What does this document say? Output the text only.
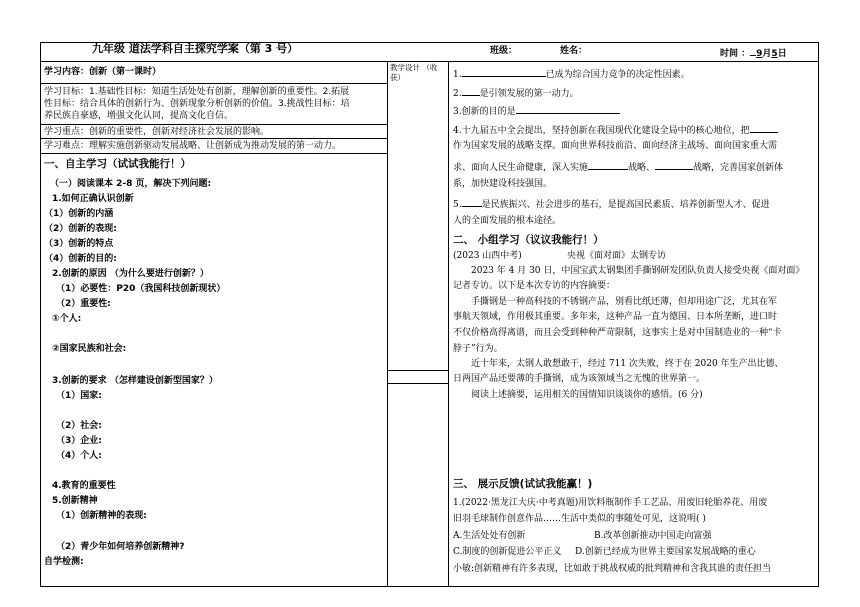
九年级 道法学科自主探究学案（第 3 号）	班级：	姓名：	时间 ： 9月5日
学习内容：创新（第一课时）
学习目标：1.基础性目标：知道生活处处有创新，理解创新的重要性。2.拓展
性目标：结合具体的创新行为、创新现象分析创新的价值。3.挑战性目标：培
养民族自豪感，增强文化认同，提高文化自信。
学习重点：创新的重要性，创新对经济社会发展的影响。
学习难点：理解实施创新驱动发展战略、让创新成为推动发展的第一动力。
一、自主学习（试试我能行！）
（一）阅读课本 2-8 页，解决下列问题:
1.如何正确认识创新
（1）创新的内涵
（2）创新的表现:
（3）创新的特点
（4）创新的目的:
2.创新的原因 （为什么要进行创新？）
（1）必要性：P20（我国科技创新现状）
（2）重要性:
①个人:
②国家民族和社会:
3.创新的要求 （怎样建设创新型国家？）
（1）国家:
（2）社会:
（3）企业:
（4）个人:
4.教育的重要性
5.创新精神
（1）创新精神的表现:
（2）青少年如何培养创新精神?
自学检测:
教学设计 （收获）	1.	已成为综合国力竞争的决定性因素。
2. 是引领发展的第一动力。
3.创新的目的是
4.十九届五中全会提出，坚持创新在我国现代化建设全局中的核心地位，把
作为国家发展的战略支撑。面向世界科技前沿、面向经济主战场、面向国家重大需
求、面向人民生命健康，深入实施	战略、	战略，完善国家创新体
系，加快建设科技强国。
5. 是民族振兴、社会进步的基石，是提高国民素质、培养创新型人才、促进
人的全面发展的根本途径。
二、 小组学习（议议我能行！）
(2023 山西中考)	央视《面对面》太钢专访
2023 年 4 月 30 日，中国宝武太钢集团手撕钢研发团队负责人接受央视《面对面》
记者专访。以下是本次专访的内容摘要：
手撕钢是一种高科技的不锈钢产品，别看比纸还薄，但却用途广泛，尤其在军
事航天领域，作用极其重要。多年来，这种产品一直为德国、日本所垄断，进口时
不仅价格高得离谱，而且会受到种种严苛限制，这事实上是对中国制造业的一种“卡
脖子”行为。
近十年来，太钢人敢想敢干，经过 711 次失败，终于在 2020 年生产出比德、
日两国产品还要薄的手撕钢，成为该领域当之无愧的世界第一。
阅读上述摘要，运用相关的国情知识谈谈你的感悟。(6 分)
三、 展示反馈(试试我能赢！)
1.(2022·黑龙江大庆·中考真题)用饮料瓶制作手工艺品、用废旧轮胎养花、用废
旧羽毛球制作创意作品……生活中类似的事随处可见，这说明( )
A.生活处处有创新	B.改革创新推动中国走向富强
C.制度的创新促进公平正义 D.创新已经成为世界主要国家发展战略的重心
小敏:创新精神有许多表现，比如敢于挑战权威的批判精神和含我其谁的责任担当
